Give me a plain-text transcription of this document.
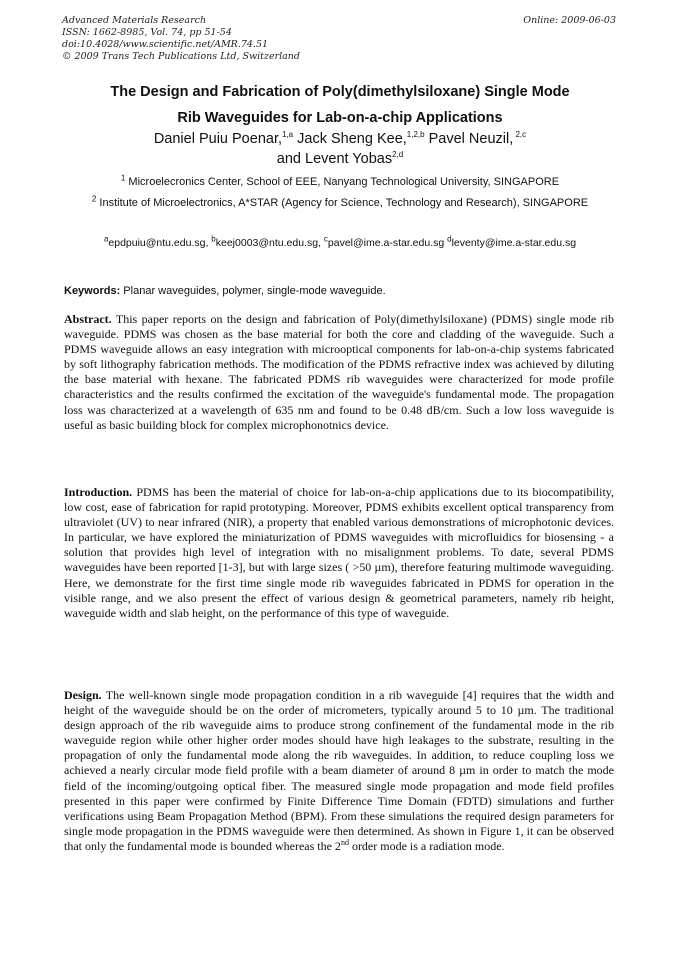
Advanced Materials Research
ISSN: 1662-8985, Vol. 74, pp 51-54
doi:10.4028/www.scientific.net/AMR.74.51
© 2009 Trans Tech Publications Ltd, Switzerland
Online: 2009-06-03
The Design and Fabrication of Poly(dimethylsiloxane) Single Mode
Rib Waveguides for Lab-on-a-chip Applications
Daniel Puiu Poenar,$^{1,a}$ Jack Sheng Kee,$^{1,2,b}$ Pavel Neuzil, $^{2,c}$
and Levent Yobas$^{2,d}$
$^1$ Microelecronics Center, School of EEE, Nanyang Technological University, SINGAPORE
$^2$ Institute of Microelectronics, A*STAR (Agency for Science, Technology and Research), SINGAPORE
$^a$epdpuiu@ntu.edu.sg, $^b$keej0003@ntu.edu.sg, $^c$pavel@ime.a-star.edu.sg $^d$leventy@ime.a-star.edu.sg
Keywords: Planar waveguides, polymer, single-mode waveguide.
Abstract. This paper reports on the design and fabrication of Poly(dimethylsiloxane) (PDMS) single mode rib waveguide. PDMS was chosen as the base material for both the core and cladding of the waveguide. Such a PDMS waveguide allows an easy integration with microoptical components for lab-on-a-chip systems fabricated by soft lithography fabrication methods. The modification of the PDMS refractive index was achieved by diluting the base material with hexane. The fabricated PDMS rib waveguides were characterized for mode profile characteristics and the results confirmed the excitation of the waveguide's fundamental mode. The propagation loss was characterized at a wavelength of 635 nm and found to be 0.48 dB/cm. Such a low loss waveguide is useful as basic building block for complex microphonotnics device.
Introduction. PDMS has been the material of choice for lab-on-a-chip applications due to its biocompatibility, low cost, ease of fabrication for rapid prototyping. Moreover, PDMS exhibits excellent optical transparency from ultraviolet (UV) to near infrared (NIR), a property that enabled various demonstrations of microphotonic devices. In particular, we have explored the miniaturization of PDMS waveguides with microfluidics for biosensing - a solution that provides high level of integration with no misalignment problems. To date, several PDMS waveguides have been reported [1-3], but with large sizes ( >50 µm), therefore featuring multimode waveguiding. Here, we demonstrate for the first time single mode rib waveguides fabricated in PDMS for operation in the visible range, and we also present the effect of various design & geometrical parameters, namely rib height, waveguide width and slab height, on the performance of this type of waveguide.
Design. The well-known single mode propagation condition in a rib waveguide [4] requires that the width and height of the waveguide should be on the order of micrometers, typically around 5 to 10 µm. The traditional design approach of the rib waveguide aims to produce strong confinement of the fundamental mode in the rib waveguide region while other higher order modes should have high leakages to the substrate, resulting in the propagation of only the fundamental mode along the rib waveguides. In addition, to reduce coupling loss we achieved a nearly circular mode field profile with a beam diameter of around 8 µm in order to match the mode field of the incoming/outgoing optical fiber. The measured single mode propagation and mode field profiles presented in this paper were confirmed by Finite Difference Time Domain (FDTD) simulations and further verifications using Beam Propagation Method (BPM). From these simulations the required design parameters for single mode propagation in the PDMS waveguide were then determined. As shown in Figure 1, it can be observed that only the fundamental mode is bounded whereas the 2nd order mode is a radiation mode.
